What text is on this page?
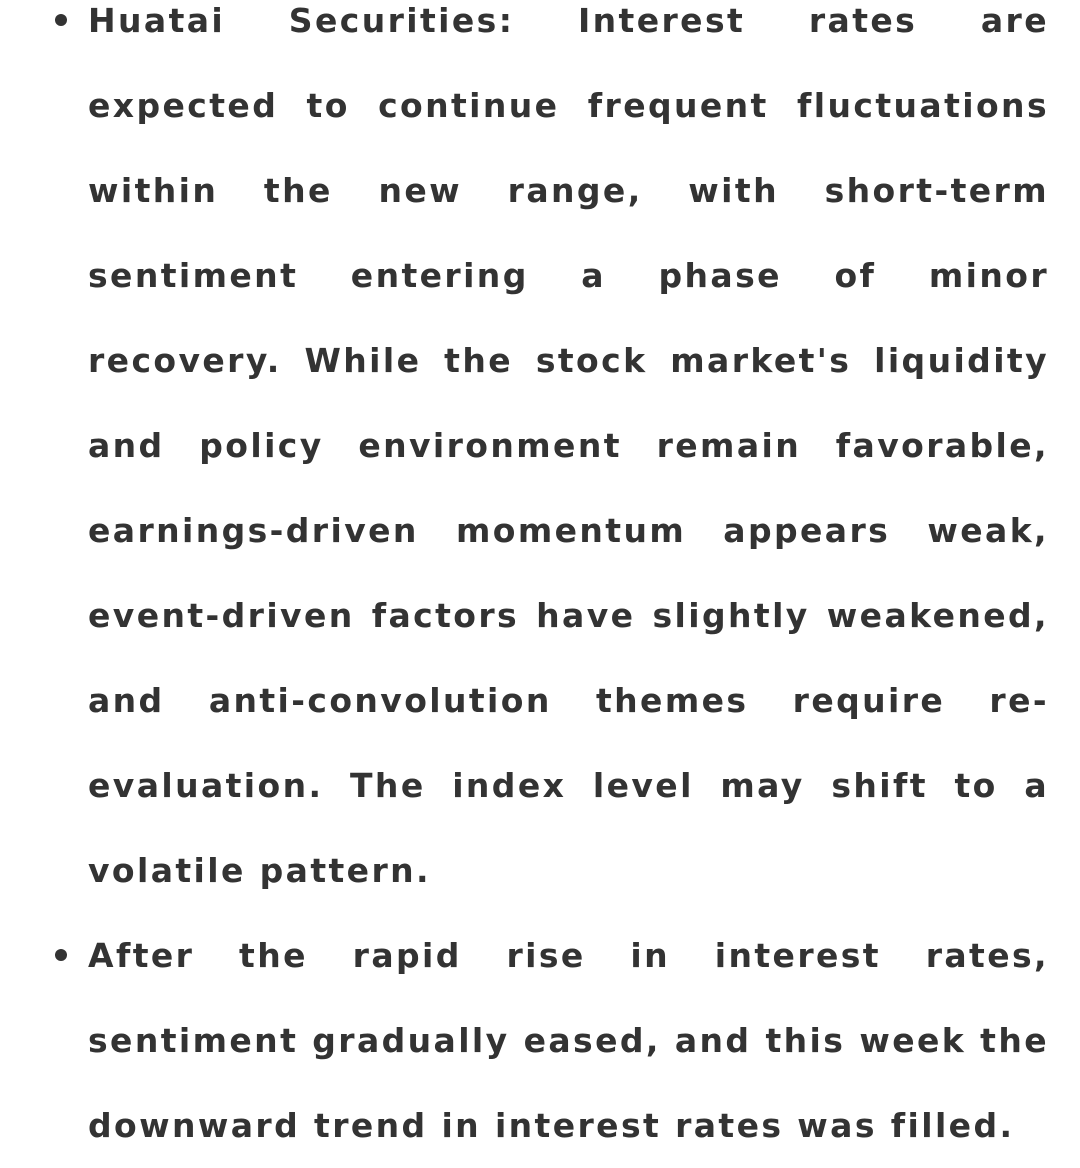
Huatai Securities: Interest rates are expected to continue frequent fluctuations within the new range, with short-term sentiment entering a phase of minor recovery. While the stock market's liquidity and policy environment remain favorable, earnings-driven momentum appears weak, event-driven factors have slightly weakened, and anti-convolution themes require re-evaluation. The index level may shift to a volatile pattern.
After the rapid rise in interest rates, sentiment gradually eased, and this week the downward trend in interest rates was filled.
